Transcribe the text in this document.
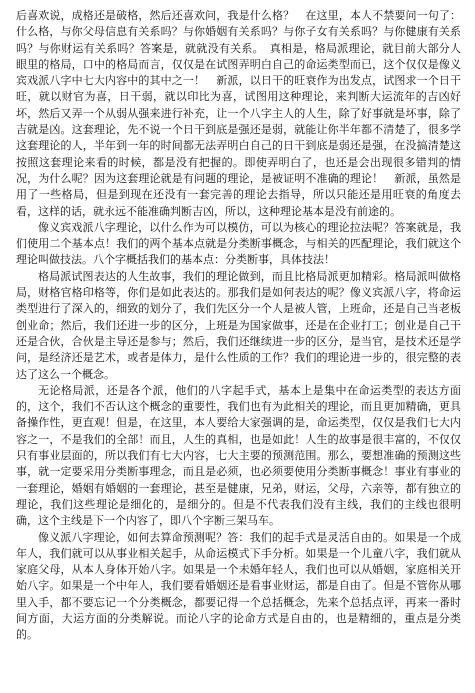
后喜欢说，成格还是破格，然后还喜欢问，我是什么格？　在这里，本人不禁要问一句了：什么格，与你父母信息有关系吗？与你婚姻有关系吗？与你子女有关系吗？与你健康有关系吗？与你财运有关系吗？答案是，就就没有关系。　真相是，格局派理论，就目前大部分人眼里的格局，口中的格局而言，仅仅是在试图弄明白自己的命运类型而已，这个仅仅是像义宾戏派八字中七大内容中的其中之一！　新派，以日干的旺衰作为出发点，试图求一个日干旺，就以财官为喜，日干弱，就以印比为喜，试图用这种理论，来判断大运流年的吉凶好坏，然后又弄一个从弱从强来进行补充，让一个八字主人的人生，除了好事就是坏事，除了吉就是凶。这套理论，先不说一个日干到底是强还是弱，就能让你半年都不清楚了，很多学这套理论的人，半年到一年的时间都无法弄明白自己的日干到底是弱还是强，在没搞清楚这按照这套理论来看的时候，都是没有把握的。即使弄明白了，也还是会出现很多错判的情况，为什么呢？因为这套理论就是有问题的理论，是被证明不准确的理论！　新派，虽然是用了一些格局，但是到现在还没有一套完善的理论去指导，所以只能还是用旺衰的角度去看，这样的话，就永远不能准确判断吉凶，所以，这种理论基本是没有前途的。

像义宾戏派八字理论，以什么作为可以模仿，可以为核心的理论拉法呢？答案就是，我们使用二个基本点！我们的两个基本点就是分类断事概念，与相关的匹配理论，我们就这个理论叫做技法。八个字概括我们的基本点：分类断事，具体技法！

格局派试图表达的人生故事，我们的理论做到，而且比格局派更加精彩。格局派叫做格局，财格官格印格等，你们是如此表达的。那我们是如何表达的呢？像义宾派八字，将命运类型进行了深入的，细致的划分了，我们先区分一个人是被人管，上班命，还是自己当老板创业命；然后，我们还进一步的区分，上班是为国家做事，还是在企业打工；创业是自己干还是合伙，合伙是主导还是参与；然后，我们还继续进一步的区分，是当官，是技术还是学问，是经济还是艺术，或者是体力，是什么性质的工作？我们的理论进一步的，很完整的表达了这么一个概念。

无论格局派，还是各个派，他们的八字起手式，基本上是集中在命运类型的表达方面的，这个，我们不否认这个概念的重要性，我们也有为此相关的理论，而且更加精确，更具备操作性，更直观！但是，在这里，本人要给大家强调的是，命运类型，仅仅是我们七大内容之一，不是我们的全部！而且，人生的真相，也是如此！人生的故事是很丰富的，不仅仅只有事业层面的，所以我们有七大内容，七大主要的预测范围。那么，要想准确的预测这些事，就一定要采用分类断事理念，而且是必须，也必须要使用分类断事概念！事业有事业的一套理论，婚姻有婚姻的一套理论，甚至是健康，兄弟，财运，父母，六亲等，都有独立的理论，我们这些理论是细化的，是细分的。但是不代表我们没有主线，我们的主线也很明确，这个主线是下一个内容了，即八个字断三架马车。

像义派八字理论，如何去算命预测呢？答：我们的起手式是灵活自由的。如果是一个成年人，我们就可以从事业相关起手，从命运模式下手分析。如果是一个儿童八字，我们就从家庭父母，从本人身体开始八字。如果是一个未婚年轻人，我们也可以从婚姻，家庭相关开始八字。如果是一个中年人，我们要看婚姻还是看事业财运，都是自由了。但是不管你从哪里入手，都不要忘记一个分类概念，都要记得一个总括概念，先来个总括点评，再来一番时间方面，大运方面的分类解说。而论八字的论命方式是自由的，也是精细的，重点是分类的。
